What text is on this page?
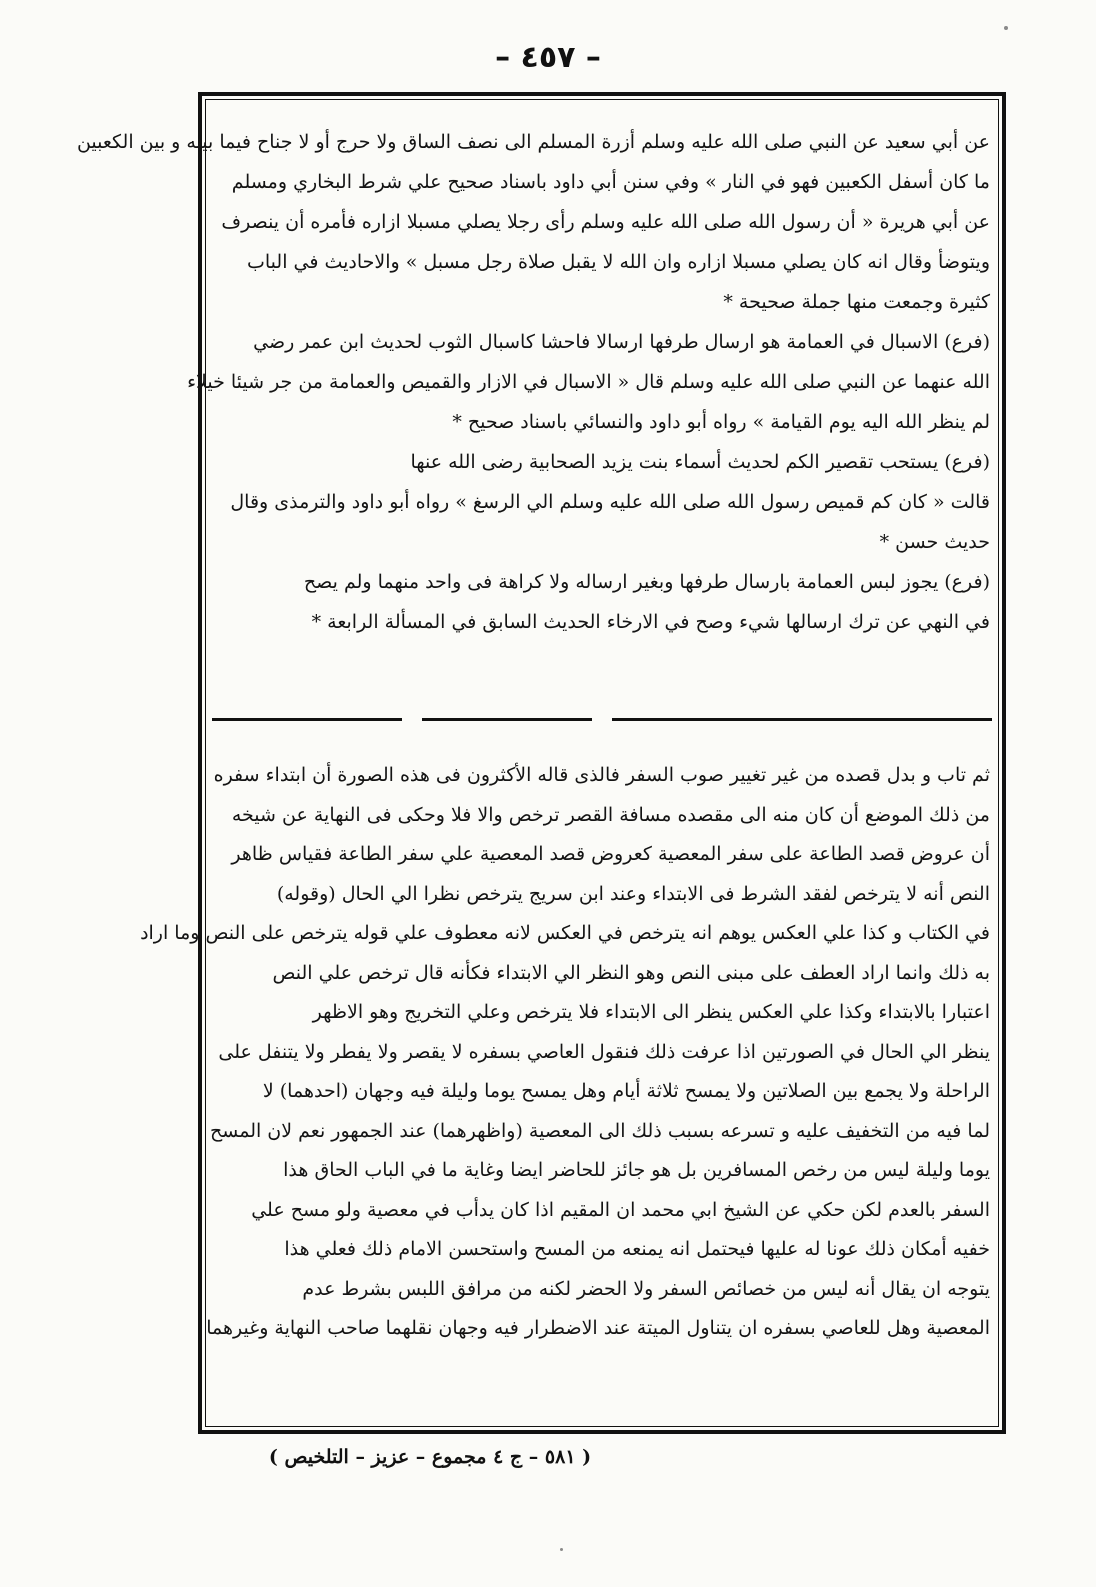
– ٤٥٧ –
عن أبي سعيد عن النبي صلى الله عليه وسلم أزرة المسلم الى نصف الساق ولا حرج أو لا جناح فيما بينه و بين الكعبين
ما كان أسفل الكعبين فهو في النار » وفي سنن أبي داود باسناد صحيح علي شرط البخاري ومسلم
عن أبي هريرة « أن رسول الله صلى الله عليه وسلم رأى رجلا يصلي مسبلا ازاره فأمره أن ينصرف
ويتوضأ وقال انه كان يصلي مسبلا ازاره وان الله لا يقبل صلاة رجل مسبل » والاحاديث في الباب
كثيرة وجمعت منها جملة صحيحة *
(فرع) الاسبال في العمامة هو ارسال طرفها ارسالا فاحشا كاسبال الثوب لحديث ابن عمر رضي
الله عنهما عن النبي صلى الله عليه وسلم قال « الاسبال في الازار والقميص والعمامة من جر شيئا خيلاء
لم ينظر الله اليه يوم القيامة » رواه أبو داود والنسائي باسناد صحيح *
(فرع) يستحب تقصير الكم لحديث أسماء بنت يزيد الصحابية رضى الله عنها
قالت « كان كم قميص رسول الله صلى الله عليه وسلم الي الرسغ » رواه أبو داود والترمذى وقال
حديث حسن *
(فرع) يجوز لبس العمامة بارسال طرفها وبغير ارساله ولا كراهة فى واحد منهما ولم يصح
في النهي عن ترك ارسالها شيء وصح في الارخاء الحديث السابق في المسألة الرابعة *
ثم تاب و بدل قصده من غير تغيير صوب السفر فالذى قاله الأكثرون فى هذه الصورة أن ابتداء سفره
من ذلك الموضع أن كان منه الى مقصده مسافة القصر ترخص والا فلا وحكى فى النهاية عن شيخه
أن عروض قصد الطاعة على سفر المعصية كعروض قصد المعصية علي سفر الطاعة فقياس ظاهر
النص أنه لا يترخص لفقد الشرط فى الابتداء وعند ابن سريج يترخص نظرا الي الحال (وقوله)
في الكتاب و كذا علي العكس يوهم انه يترخص في العكس لانه معطوف علي قوله يترخص على النص وما اراد
به ذلك وانما اراد العطف على مبنى النص وهو النظر الي الابتداء فكأنه قال ترخص علي النص
اعتبارا بالابتداء وكذا علي العكس ينظر الى الابتداء فلا يترخص وعلي التخريج وهو الاظهر
ينظر الي الحال في الصورتين اذا عرفت ذلك فنقول العاصي بسفره لا يقصر ولا يفطر ولا يتنفل على
الراحلة ولا يجمع بين الصلاتين ولا يمسح ثلاثة أيام وهل يمسح يوما وليلة فيه وجهان (احدهما) لا
لما فيه من التخفيف عليه و تسرعه بسبب ذلك الى المعصية (واظهرهما) عند الجمهور نعم لان المسح
يوما وليلة ليس من رخص المسافرين بل هو جائز للحاضر ايضا وغاية ما في الباب الحاق هذا
السفر بالعدم لكن حكي عن الشيخ ابي محمد ان المقيم اذا كان يدأب في معصية ولو مسح علي
خفيه أمكان ذلك عونا له عليها فيحتمل انه يمنعه من المسح واستحسن الامام ذلك فعلي هذا
يتوجه ان يقال أنه ليس من خصائص السفر ولا الحضر لكنه من مرافق اللبس بشرط عدم
المعصية وهل للعاصي بسفره ان يتناول الميتة عند الاضطرار فيه وجهان نقلهما صاحب النهاية وغيرهما
( ٥٨١ – ج ٤ مجموع – عزيز – التلخيص )
